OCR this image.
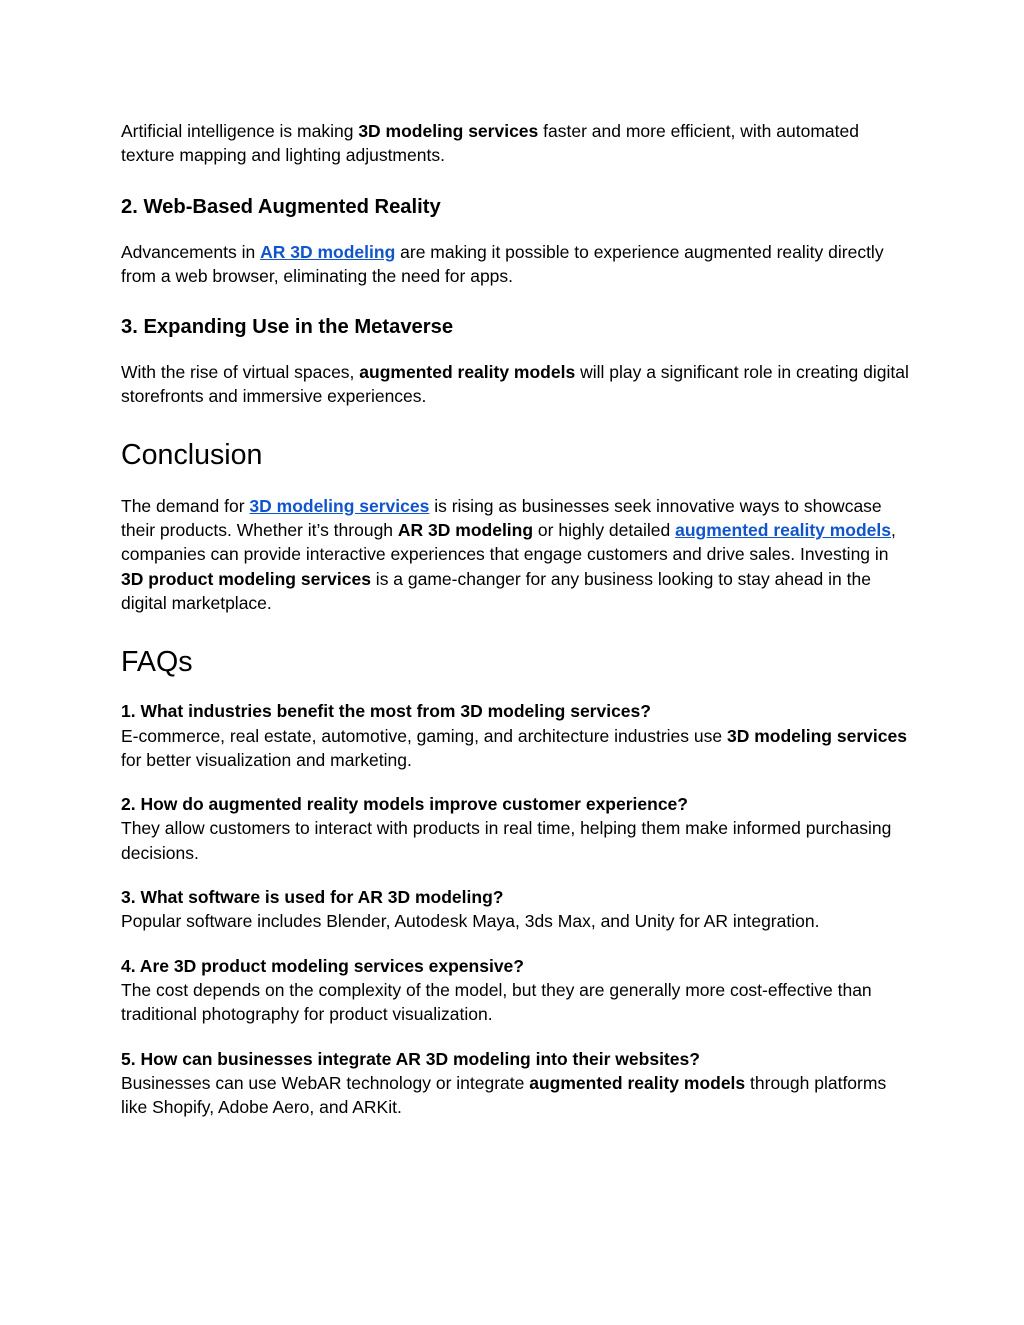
Artificial intelligence is making 3D modeling services faster and more efficient, with automated texture mapping and lighting adjustments.

2. Web-Based Augmented Reality

Advancements in AR 3D modeling are making it possible to experience augmented reality directly from a web browser, eliminating the need for apps.

3. Expanding Use in the Metaverse

With the rise of virtual spaces, augmented reality models will play a significant role in creating digital storefronts and immersive experiences.

Conclusion

The demand for 3D modeling services is rising as businesses seek innovative ways to showcase their products. Whether it’s through AR 3D modeling or highly detailed augmented reality models, companies can provide interactive experiences that engage customers and drive sales. Investing in 3D product modeling services is a game-changer for any business looking to stay ahead in the digital marketplace.

FAQs

1. What industries benefit the most from 3D modeling services?
E-commerce, real estate, automotive, gaming, and architecture industries use 3D modeling services for better visualization and marketing.

2. How do augmented reality models improve customer experience?
They allow customers to interact with products in real time, helping them make informed purchasing decisions.

3. What software is used for AR 3D modeling?
Popular software includes Blender, Autodesk Maya, 3ds Max, and Unity for AR integration.

4. Are 3D product modeling services expensive?
The cost depends on the complexity of the model, but they are generally more cost-effective than traditional photography for product visualization.

5. How can businesses integrate AR 3D modeling into their websites?
Businesses can use WebAR technology or integrate augmented reality models through platforms like Shopify, Adobe Aero, and ARKit.
